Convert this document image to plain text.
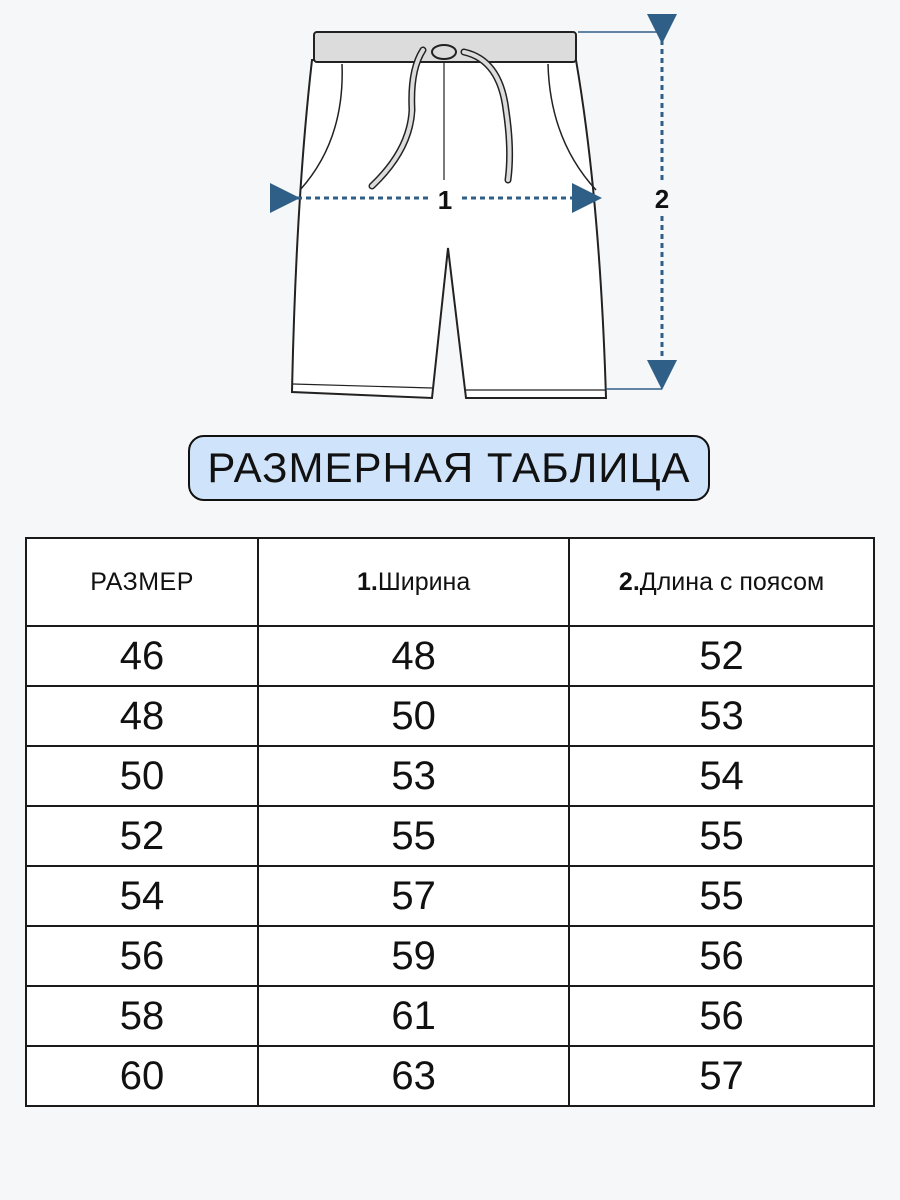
1	2
РАЗМЕРНАЯ ТАБЛИЦА
РАЗМЕР	1.Ширина	2.Длина с поясом
46	48	52
48	50	53
50	53	54
52	55	55
54	57	55
56	59	56
58	61	56
60	63	57
